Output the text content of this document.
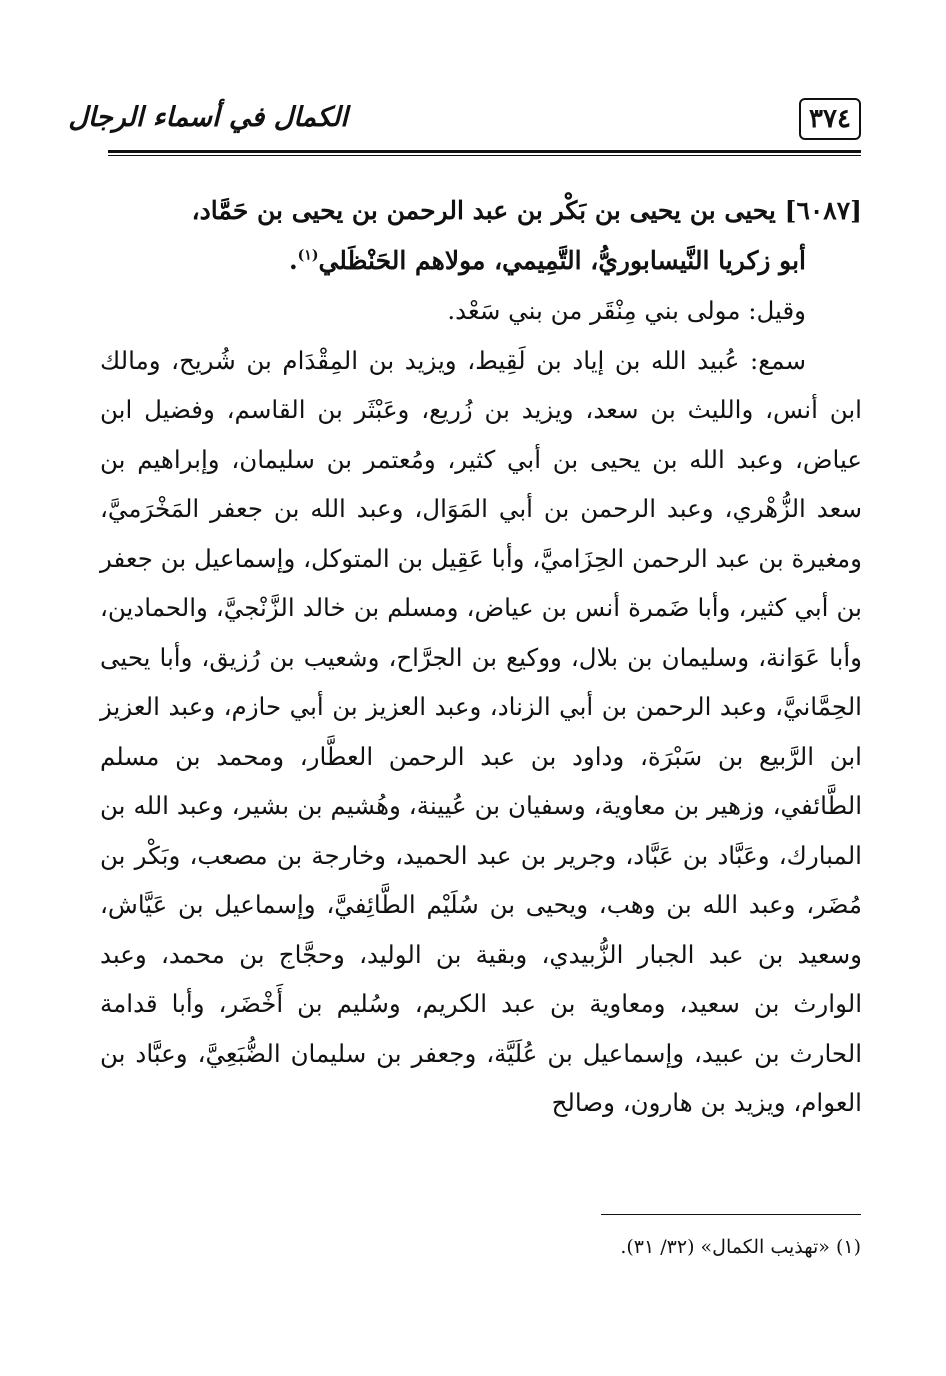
٣٧٤
الكمال في أسماء الرجال

[٦٠٨٧] يحيى بن يحيى بن بَكْر بن عبد الرحمن بن يحيى بن حَمَّاد،
أبو زكريا النَّيسابوريُّ، التَّمِيمي، مولاهم الحَنْظَلي$^{(١)}$.

وقيل: مولى بني مِنْقَر من بني سَعْد.

سمع: عُبيد الله بن إياد بن لَقِيط، ويزيد بن المِقْدَام بن شُريح، ومالك ابن أنس، والليث بن سعد، ويزيد بن زُريع، وعَبْثَر بن القاسم، وفضيل ابن عياض، وعبد الله بن يحيى بن أبي كثير، ومُعتمر بن سليمان، وإبراهيم بن سعد الزُّهْري، وعبد الرحمن بن أبي المَوَال، وعبد الله بن جعفر المَخْرَميَّ، ومغيرة بن عبد الرحمن الحِزَاميَّ، وأبا عَقِيل بن المتوكل، وإسماعيل بن جعفر بن أبي كثير، وأبا ضَمرة أنس بن عياض، ومسلم بن خالد الزَّنْجيَّ، والحمادين، وأبا عَوَانة، وسليمان بن بلال، ووكيع بن الجرَّاح، وشعيب بن رُزيق، وأبا يحيى الحِمَّانيَّ، وعبد الرحمن بن أبي الزناد، وعبد العزيز بن أبي حازم، وعبد العزيز ابن الرَّبيع بن سَبْرَة، وداود بن عبد الرحمن العطَّار، ومحمد بن مسلم الطَّائفي، وزهير بن معاوية، وسفيان بن عُيينة، وهُشيم بن بشير، وعبد الله بن المبارك، وعَبَّاد بن عَبَّاد، وجرير بن عبد الحميد، وخارجة بن مصعب، وبَكْر بن مُضَر، وعبد الله بن وهب، ويحيى بن سُلَيْم الطَّائِفيَّ، وإسماعيل بن عَيَّاش، وسعيد بن عبد الجبار الزُّبيدي، وبقية بن الوليد، وحجَّاج بن محمد، وعبد الوارث بن سعيد، ومعاوية بن عبد الكريم، وسُليم بن أَخْضَر، وأبا قدامة الحارث بن عبيد، وإسماعيل بن عُلَيَّة، وجعفر بن سليمان الضُّبَعِيَّ، وعبَّاد بن العوام، ويزيد بن هارون، وصالح

(١) «تهذيب الكمال» (٣٢/ ٣١).
